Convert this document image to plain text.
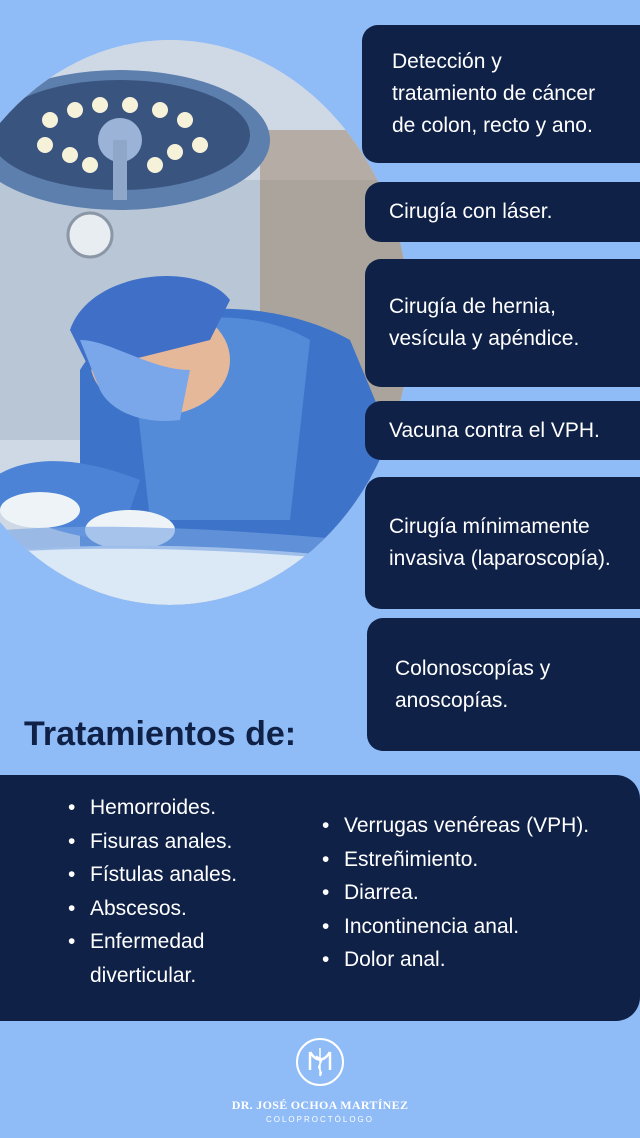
Detección y
tratamiento de cáncer
de colon, recto y ano.
Cirugía con láser.
Cirugía de hernia,
vesícula y apéndice.
Vacuna contra el VPH.
Cirugía mínimamente
invasiva (laparoscopía).
Colonoscopías y
anoscopías.
Tratamientos de:
• Hemorroides.
• Fisuras anales.
• Fístulas anales.
• Abscesos.
• Enfermedad
diverticular.
• Verrugas venéreas (VPH).
• Estreñimiento.
• Diarrea.
• Incontinencia anal.
• Dolor anal.
DR. JOSÉ OCHOA MARTÍNEZ
COLOPROCTÓLOGO
